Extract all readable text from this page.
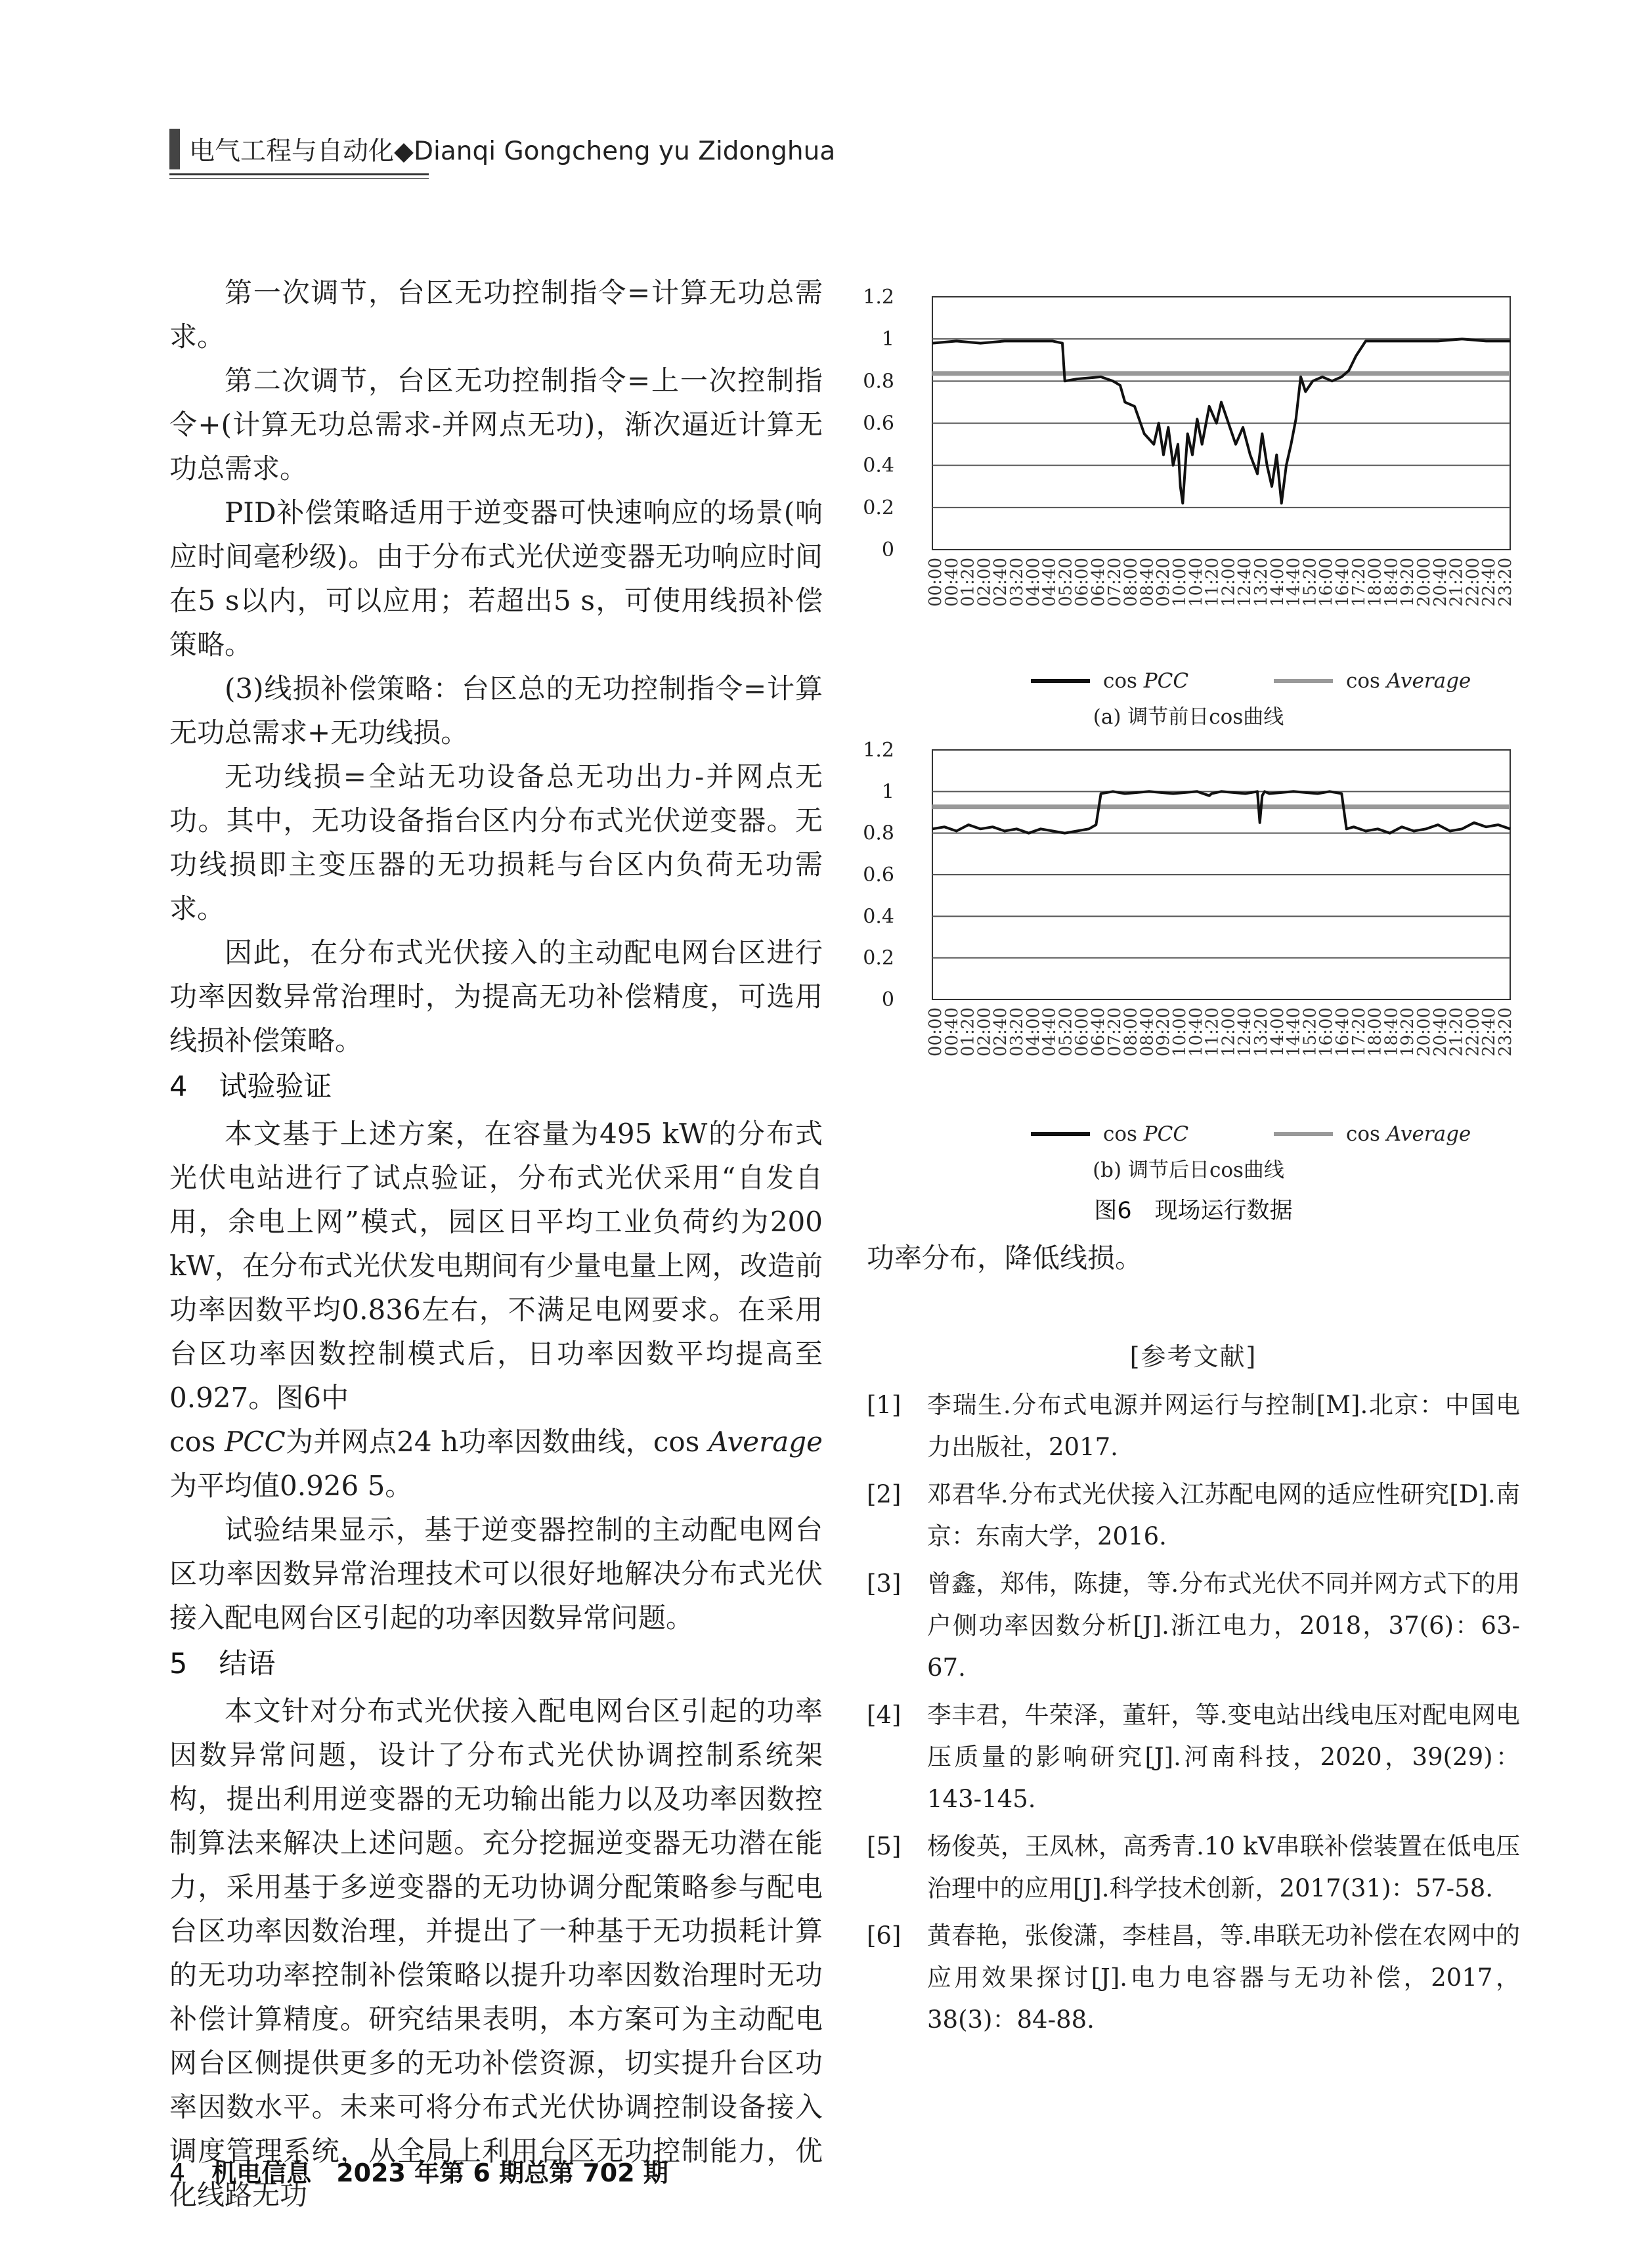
电气工程与自动化◆Dianqi Gongcheng yu Zidonghua

第一次调节，台区无功控制指令=计算无功总需求。

第二次调节，台区无功控制指令=上一次控制指令+(计算无功总需求-并网点无功)，渐次逼近计算无功总需求。

PID补偿策略适用于逆变器可快速响应的场景(响应时间毫秒级)。由于分布式光伏逆变器无功响应时间在5 s以内，可以应用；若超出5 s，可使用线损补偿策略。

(3)线损补偿策略：台区总的无功控制指令=计算无功总需求+无功线损。

无功线损=全站无功设备总无功出力-并网点无功。其中，无功设备指台区内分布式光伏逆变器。无功线损即主变压器的无功损耗与台区内负荷无功需求。

因此，在分布式光伏接入的主动配电网台区进行功率因数异常治理时，为提高无功补偿精度，可选用线损补偿策略。

4 试验验证

本文基于上述方案，在容量为495 kW的分布式光伏电站进行了试点验证，分布式光伏采用“自发自用，余电上网”模式，园区日平均工业负荷约为200 kW，在分布式光伏发电期间有少量电量上网，改造前功率因数平均0.836左右，不满足电网要求。在采用台区功率因数控制模式后，日功率因数平均提高至0.927。图6中

cos PCC为并网点24 h功率因数曲线，cos Average为平均值0.926 5。

试验结果显示，基于逆变器控制的主动配电网台区功率因数异常治理技术可以很好地解决分布式光伏接入配电网台区引起的功率因数异常问题。

5 结语

本文针对分布式光伏接入配电网台区引起的功率因数异常问题，设计了分布式光伏协调控制系统架构，提出利用逆变器的无功输出能力以及功率因数控制算法来解决上述问题。充分挖掘逆变器无功潜在能力，采用基于多逆变器的无功协调分配策略参与配电台区功率因数治理，并提出了一种基于无功损耗计算的无功功率控制补偿策略以提升功率因数治理时无功补偿计算精度。研究结果表明，本方案可为主动配电网台区侧提供更多的无功补偿资源，切实提升台区功率因数水平。未来可将分布式光伏协调控制设备接入调度管理系统，从全局上利用台区无功控制能力，优化线路无功

1.2
1
0.8
0.6
0.4
0.2
0
00:00
00:40
01:20
02:00
02:40
03:20
04:00
04:40
05:20
06:00
06:40
07:20
08:00
08:40
09:20
10:00
10:40
11:20
12:00
12:40
13:20
14:00
14:40
15:20
16:00
16:40
17:20
18:00
18:40
19:20
20:00
20:40
21:20
22:00
22:40
23:20
cos PCC	cos Average
(a) 调节前日cos曲线
1.2
1
0.8
0.6
0.4
0.2
0
00:00
00:40
01:20
02:00
02:40
03:20
04:00
04:40
05:20
06:00
06:40
07:20
08:00
08:40
09:20
10:00
10:40
11:20
12:00
12:40
13:20
14:00
14:40
15:20
16:00
16:40
17:20
18:00
18:40
19:20
20:00
20:40
21:20
22:00
22:40
23:20
cos PCC	cos Average
(b) 调节后日cos曲线
图6　现场运行数据

功率分布，降低线损。

[参考文献]
[1]	李瑞生.分布式电源并网运行与控制[M].北京：中国电力出版社，2017.
[2]	邓君华.分布式光伏接入江苏配电网的适应性研究[D].南京：东南大学，2016.
[3]	曾鑫，郑伟，陈捷，等.分布式光伏不同并网方式下的用户侧功率因数分析[J].浙江电力，2018，37(6)：63-67.
[4]	李丰君，牛荣泽，董轩，等.变电站出线电压对配电网电压质量的影响研究[J].河南科技，2020，39(29)：143-145.
[5]	杨俊英，王凤林，高秀青.10 kV串联补偿装置在低电压治理中的应用[J].科学技术创新，2017(31)：57-58.
[6]	黄春艳，张俊潇，李桂昌，等.串联无功补偿在农网中的应用效果探讨[J].电力电容器与无功补偿，2017，38(3)：84-88.
4 机电信息　2023 年第 6 期总第 702 期
